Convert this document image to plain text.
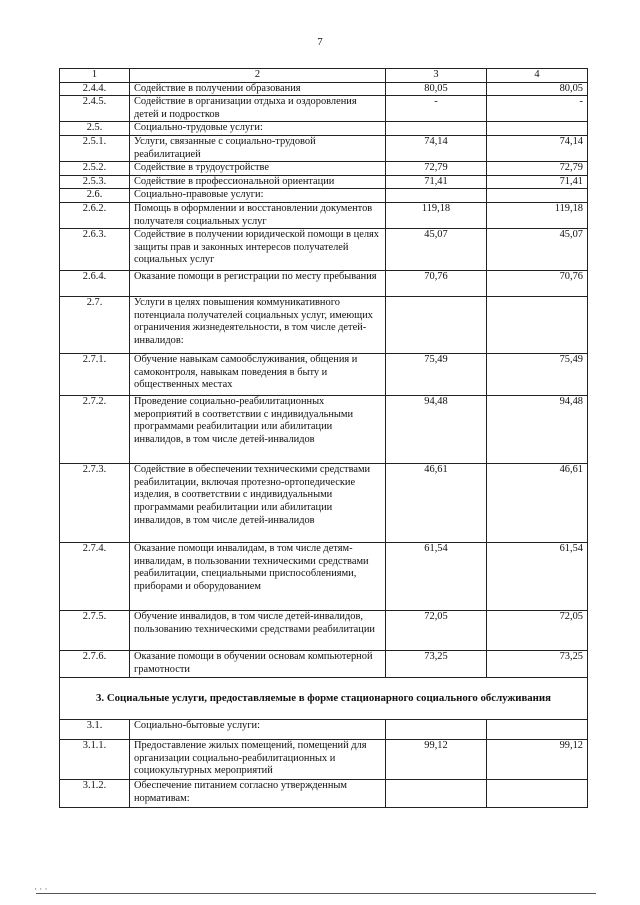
7
1	2	3	4
2.4.4.	Содействие в получении образования	80,05	80,05
2.4.5.	Содействие в организации отдыха и оздоровления детей и подростков	-	-
2.5.	Социально-трудовые услуги:		
2.5.1.	Услуги, связанные с социально-трудовой реабилитацией	74,14	74,14
2.5.2.	Содействие в трудоустройстве	72,79	72,79
2.5.3.	Содействие в профессиональной ориентации	71,41	71,41
2.6.	Социально-правовые услуги:		
2.6.2.	Помощь в оформлении и восстановлении документов получателя социальных услуг	119,18	119,18
2.6.3.	Содействие в получении юридической помощи в целях защиты прав и законных интересов получателей социальных услуг	45,07	45,07
2.6.4.	Оказание помощи в регистрации по месту пребывания	70,76	70,76
2.7.	Услуги в целях повышения коммуникативного потенциала получателей социальных услуг, имеющих ограничения жизнедеятельности, в том числе детей-инвалидов:		
2.7.1.	Обучение навыкам самообслуживания, общения и самоконтроля, навыкам поведения в быту и общественных местах	75,49	75,49
2.7.2.	Проведение социально-реабилитационных мероприятий в соответствии с индивидуальными программами реабилитации или абилитации инвалидов, в том числе детей-инвалидов	94,48	94,48
2.7.3.	Содействие в обеспечении техническими средствами реабилитации, включая протезно-ортопедические изделия, в соответствии с индивидуальными программами реабилитации или абилитации инвалидов, в том числе детей-инвалидов	46,61	46,61
2.7.4.	Оказание помощи инвалидам, в том числе детям-инвалидам, в пользовании техническими средствами реабилитации, специальными приспособлениями, приборами и оборудованием	61,54	61,54
2.7.5.	Обучение инвалидов, в том числе детей-инвалидов, пользованию техническими средствами реабилитации	72,05	72,05
2.7.6.	Оказание помощи в обучении основам компьютерной грамотности	73,25	73,25
3. Социальные услуги, предоставляемые в форме стационарного социального обслуживания			
3.1.	Социально-бытовые услуги:		
3.1.1.	Предоставление жилых помещений, помещений для организации социально-реабилитационных и социокультурных мероприятий	99,12	99,12
3.1.2.	Обеспечение питанием согласно утвержденным нормативам:		
· · ·
